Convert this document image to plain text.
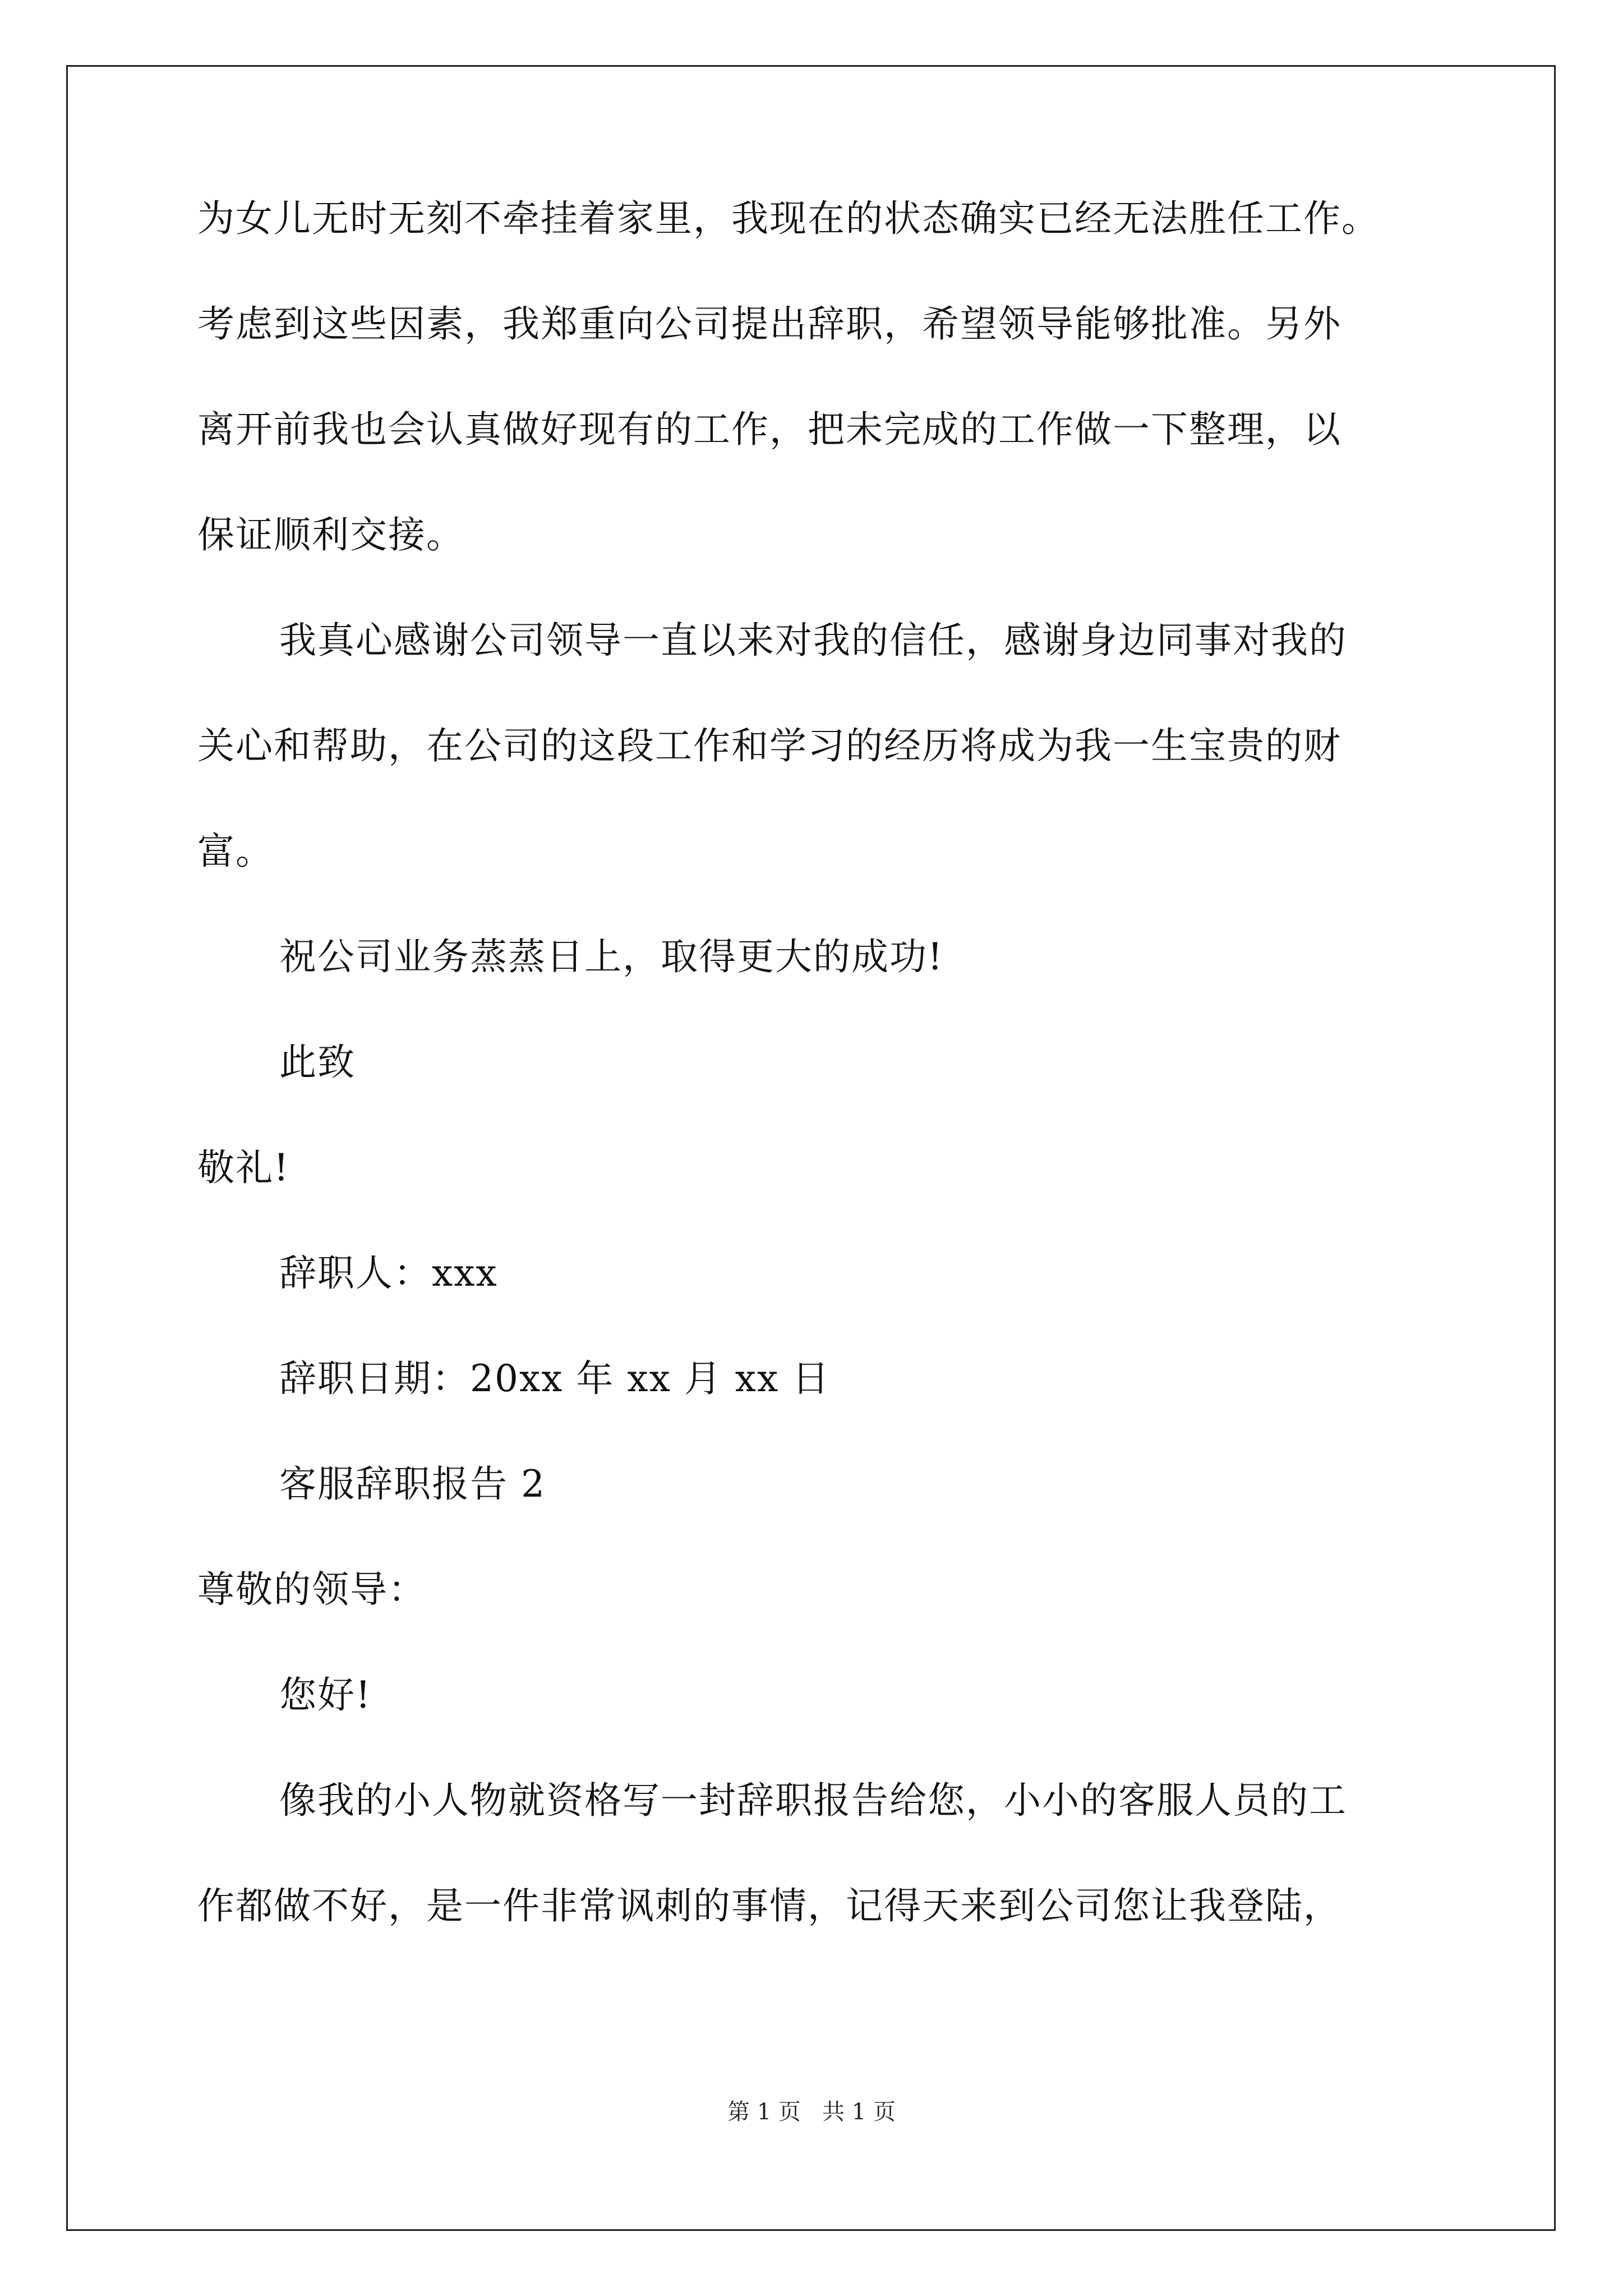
为女儿无时无刻不牵挂着家里，我现在的状态确实已经无法胜任工作。
考虑到这些因素，我郑重向公司提出辞职，希望领导能够批准。另外
离开前我也会认真做好现有的工作，把未完成的工作做一下整理，以
保证顺利交接。
我真心感谢公司领导一直以来对我的信任，感谢身边同事对我的
关心和帮助，在公司的这段工作和学习的经历将成为我一生宝贵的财
富。
祝公司业务蒸蒸日上，取得更大的成功!
此致
敬礼!
辞职人：xxx
辞职日期：20xx 年 xx 月 xx 日
客服辞职报告 2
尊敬的领导：
您好!
像我的小人物就资格写一封辞职报告给您，小小的客服人员的工
作都做不好，是一件非常讽刺的事情，记得天来到公司您让我登陆，
第 1 页   共 1 页
